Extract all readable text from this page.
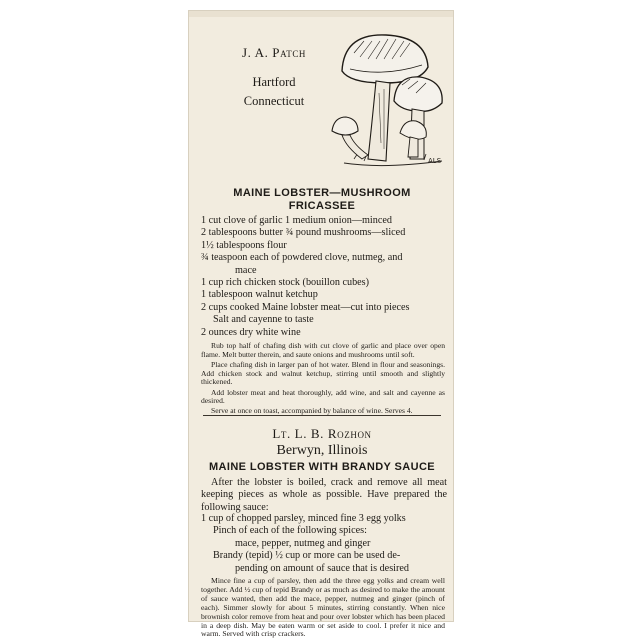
J. A. Patch
Hartford
Connecticut
ALS
MAINE LOBSTER—MUSHROOM
FRICASSEE
1 cut clove of garlic 1 medium onion—minced
2 tablespoons butter ¾ pound mushrooms—sliced
1½ tablespoons flour
¾ teaspoon each of powdered clove, nutmeg, and
mace
1 cup rich chicken stock (bouillon cubes)
1 tablespoon walnut ketchup
2 cups cooked Maine lobster meat—cut into pieces
Salt and cayenne to taste
2 ounces dry white wine

Rub top half of chafing dish with cut clove of garlic and place over open flame. Melt butter therein, and saute onions and mushrooms until soft.

Place chafing dish in larger pan of hot water. Blend in flour and seasonings. Add chicken stock and walnut ketchup, stirring until smooth and slightly thickened.

Add lobster meat and heat thoroughly, add wine, and salt and cayenne as desired.

Serve at once on toast, accompanied by balance of wine. Serves 4.

Lt. L. B. Rozhon
Berwyn, Illinois
MAINE LOBSTER WITH BRANDY SAUCE

After the lobster is boiled, crack and remove all meat keeping pieces as whole as possible. Have prepared the following sauce:

1 cup of chopped parsley, minced fine 3 egg yolks
Pinch of each of the following spices:
mace, pepper, nutmeg and ginger
Brandy (tepid) ½ cup or more can be used de-
pending on amount of sauce that is desired

Mince fine a cup of parsley, then add the three egg yolks and cream well together. Add ½ cup of tepid Brandy or as much as desired to make the amount of sauce wanted, then add the mace, pepper, nutmeg and ginger (pinch of each). Simmer slowly for about 5 minutes, stirring constantly. When nice brownish color remove from heat and pour over lobster which has been placed in a deep dish. May be eaten warm or set aside to cool. I prefer it nice and warm. Served with crisp crackers.
